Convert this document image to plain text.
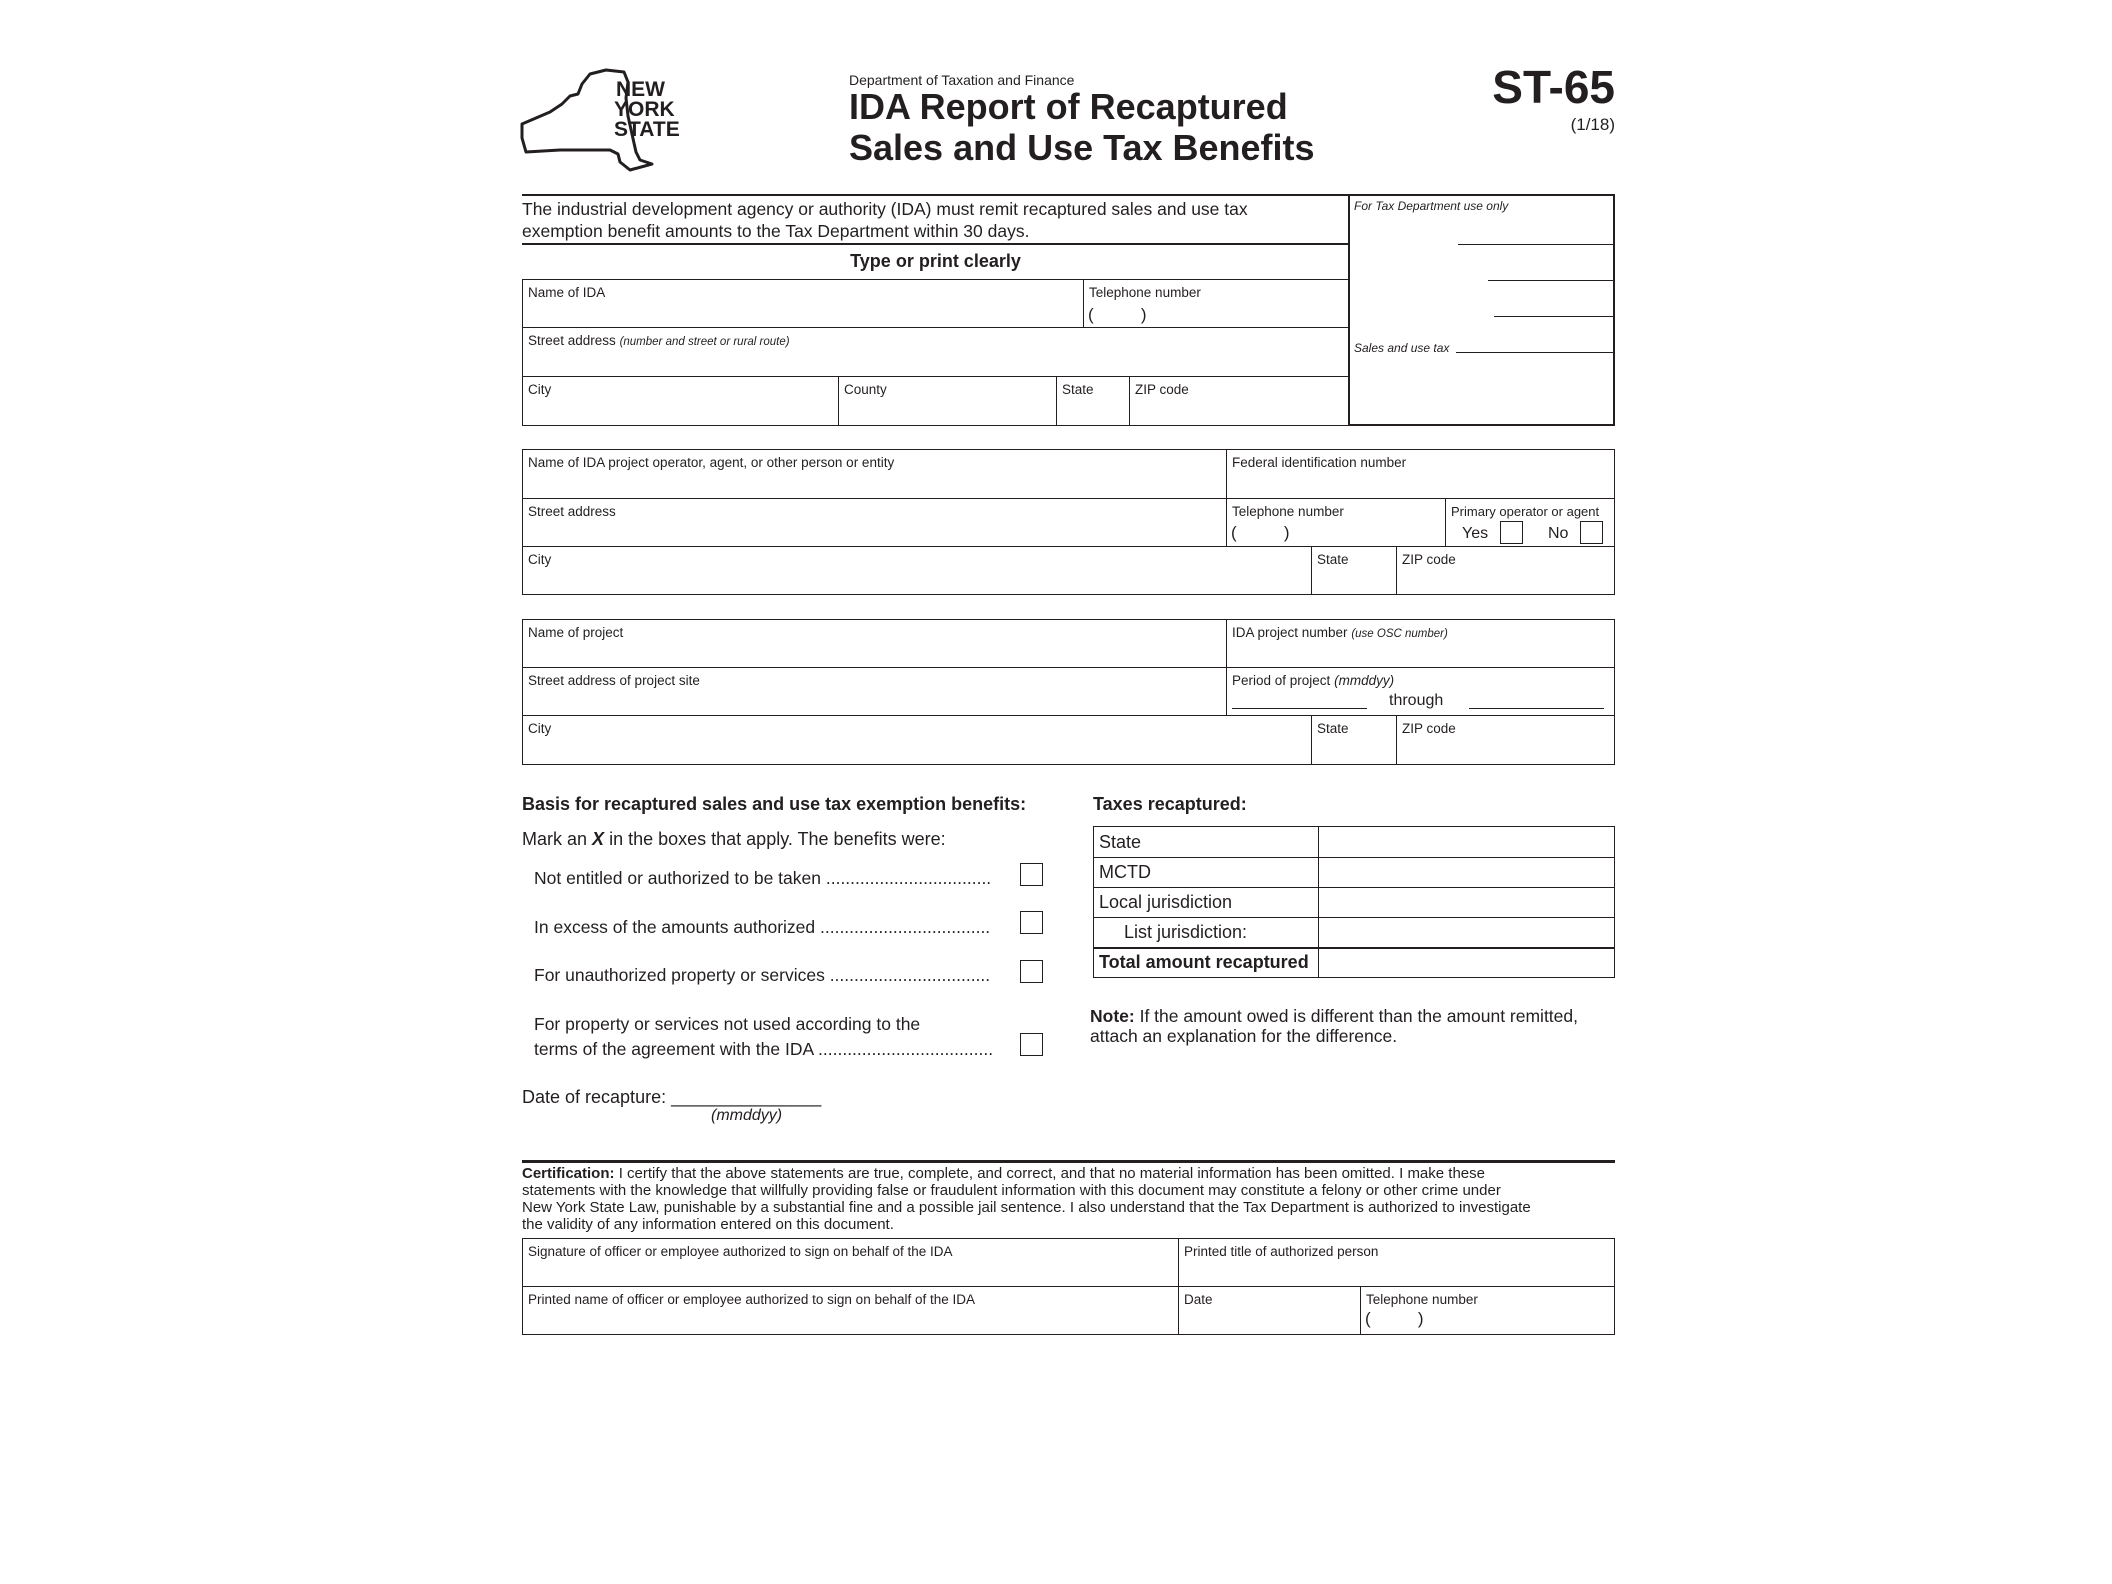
NEW
YORK
STATE
Department of Taxation and Finance
IDA Report of Recaptured
Sales and Use Tax Benefits
ST-65
(1/18)
The industrial development agency or authority (IDA) must remit recaptured sales and use tax
exemption benefit amounts to the Tax Department within 30 days.
Type or print clearly
Name of IDA	Telephone number
(          )
Street address (number and street or rural route)
City	County	State	ZIP code
For Tax Department use only
Sales and use tax
Name of IDA project operator, agent, or other person or entity	Federal identification number
Street address	Telephone number
(          )
Primary operator or agent
Yes	No
City	State	ZIP code
Name of project	IDA project number (use OSC number)
Street address of project site	Period of project (mmddyy)
through
City	State	ZIP code
Basis for recaptured sales and use tax exemption benefits:
Mark an X in the boxes that apply. The benefits were:
Not entitled or authorized to be taken ..................................
In excess of the amounts authorized ...................................
For unauthorized property or services .................................
For property or services not used according to the
terms of the agreement with the IDA ....................................
Date of recapture: _______________
(mmddyy)
Taxes recaptured:
State
MCTD
Local jurisdiction
List jurisdiction:
Total amount recaptured
Note: If the amount owed is different than the amount remitted,
attach an explanation for the difference.
Certification: I certify that the above statements are true, complete, and correct, and that no material information has been omitted. I make these
statements with the knowledge that willfully providing false or fraudulent information with this document may constitute a felony or other crime under
New York State Law, punishable by a substantial fine and a possible jail sentence. I also understand that the Tax Department is authorized to investigate
the validity of any information entered on this document.
Signature of officer or employee authorized to sign on behalf of the IDA	Printed title of authorized person
Printed name of officer or employee authorized to sign on behalf of the IDA	Date	Telephone number
(          )
